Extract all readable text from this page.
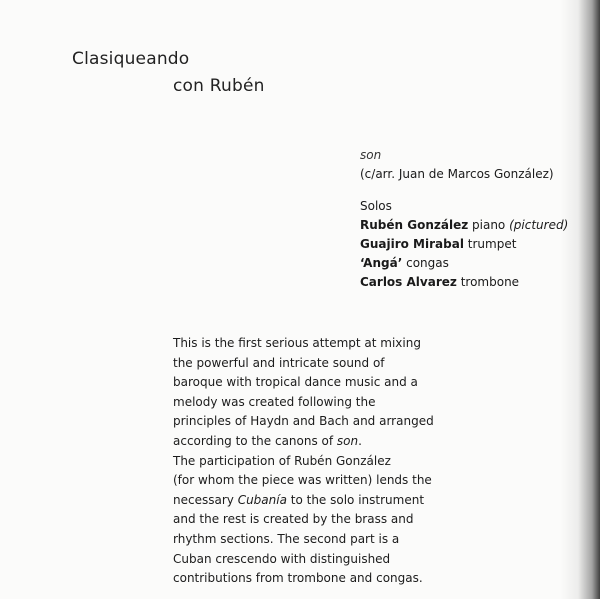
Clasiqueando
con Rubén
son
(c/arr. Juan de Marcos González)
Solos
Rubén González piano (pictured)
Guajiro Mirabal trumpet
‘Angá’ congas
Carlos Alvarez trombone
This is the first serious attempt at mixing
the powerful and intricate sound of
baroque with tropical dance music and a
melody was created following the
principles of Haydn and Bach and arranged
according to the canons of son.
The participation of Rubén González
(for whom the piece was written) lends the
necessary Cubanía to the solo instrument
and the rest is created by the brass and
rhythm sections. The second part is a
Cuban crescendo with distinguished
contributions from trombone and congas.
